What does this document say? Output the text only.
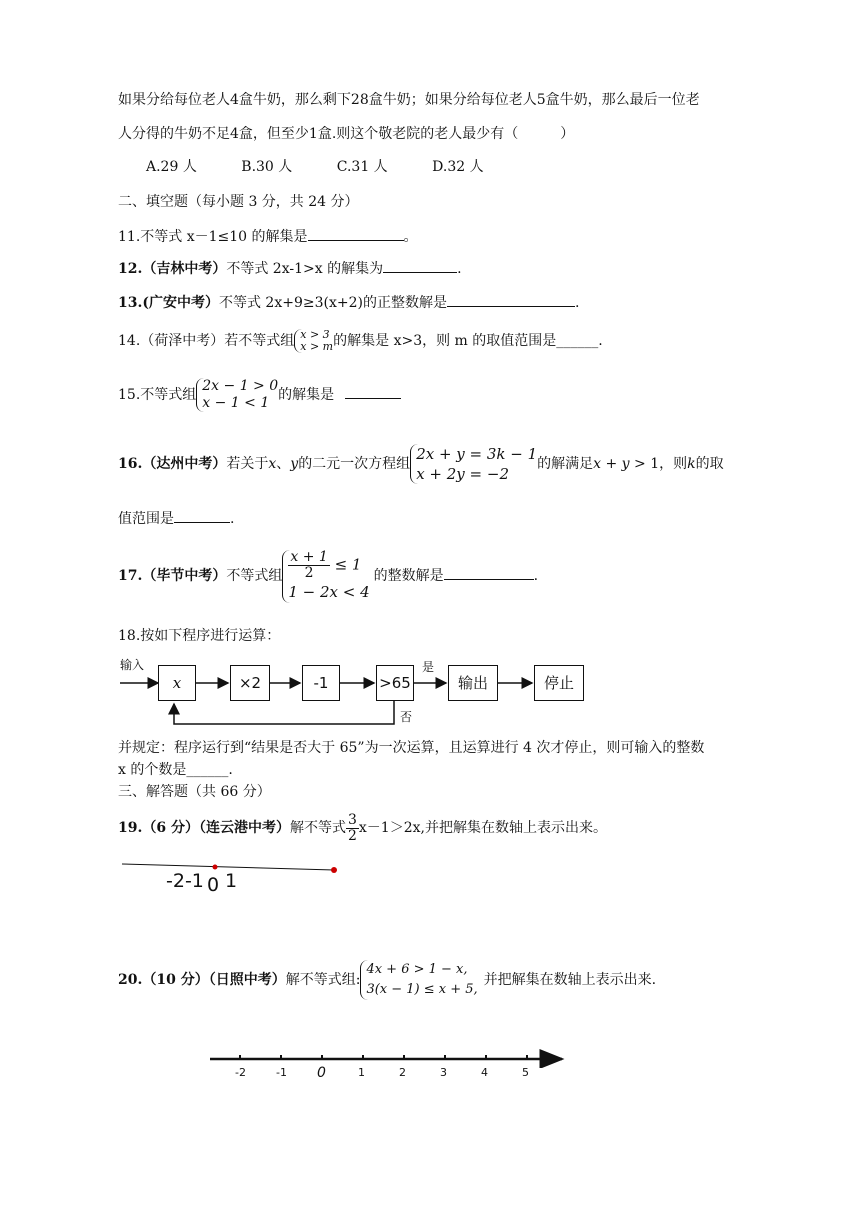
如果分给每位老人4盒牛奶，那么剩下28盒牛奶；如果分给每位老人5盒牛奶，那么最后一位老
人分得的牛奶不足4盒，但至少1盒.则这个敬老院的老人最少有（　　　）
A.29 人	B.30 人	C.31 人	D.32 人
二、填空题（每小题 3 分，共 24 分）
11.不等式 x－1≤10 的解集是	。
12.（吉林中考）不等式 2x-1>x 的解集为	.
13.(广安中考）不等式 2x+9≥3(x+2)的正整数解是	.
14.（荷泽中考）若不等式组 x > 3
x > m 的解集是 x>3，则 m 的取值范围是______.
15.不等式组
2x − 1 > 0
x − 1 < 1 的解集是
16.（达州中考）若关于x、y的二元一次方程组
2x + y = 3k − 1
x + 2y = −2
的解满足x + y > 1，则k的取
值范围是	.
17.（毕节中考）不等式组 $\frac{x + 1}{2} \le 1$
1 − 2x < 4
的整数解是	.
18.按如下程序进行运算：
输入
x	×2	-1	>65	输出	停止
是
否
并规定：程序运行到“结果是否大于 65”为一次运算，且运算进行 4 次才停止，则可输入的整数
x 的个数是______.
三、解答题（共 66 分）
19.（6 分）（连云港中考）解不等式 $\frac{3}{2} x-1>2x$,并把解集在数轴上表示出来。
-2-1 0 1
20.（10 分）（日照中考）解不等式组:
4x + 6 > 1 − x,
3(x − 1) ≤ x + 5,
并把解集在数轴上表示出来.
-2	-1 0	1	2	3	4	5
